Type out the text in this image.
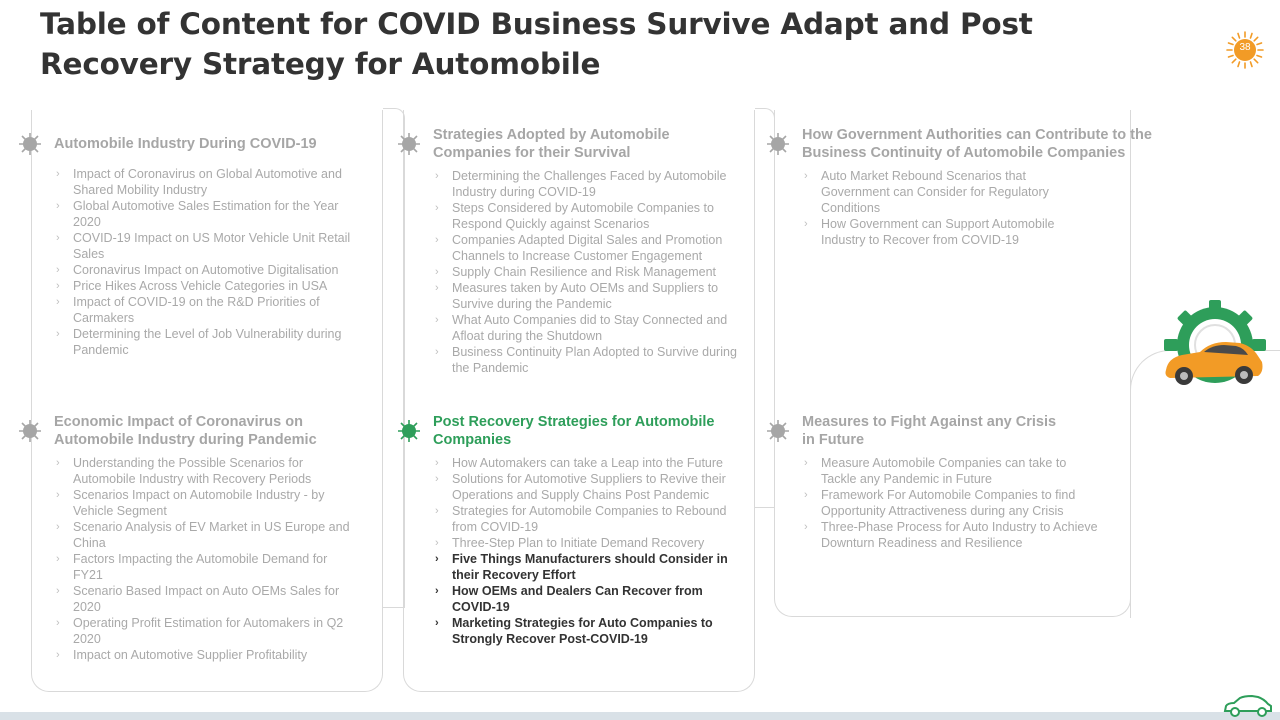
Table of Content for COVID Business Survive Adapt and Post Recovery Strategy for Automobile	38
Automobile Industry During COVID-19
› Impact of Coronavirus on Global Automotive and Shared Mobility Industry
› Global Automotive Sales Estimation for the Year 2020
› COVID-19 Impact on US Motor Vehicle Unit Retail Sales
› Coronavirus Impact on Automotive Digitalisation
› Price Hikes Across Vehicle Categories in USA
› Impact of COVID-19 on the R&D Priorities of Carmakers
› Determining the Level of Job Vulnerability during Pandemic
Strategies Adopted by Automobile Companies for their Survival
› Determining the Challenges Faced by Automobile Industry during COVID-19
› Steps Considered by Automobile Companies to Respond Quickly against Scenarios
› Companies Adapted Digital Sales and Promotion Channels to Increase Customer Engagement
› Supply Chain Resilience and Risk Management
› Measures taken by Auto OEMs and Suppliers to Survive during the Pandemic
› What Auto Companies did to Stay Connected and Afloat during the Shutdown
› Business Continuity Plan Adopted to Survive during the Pandemic
How Government Authorities can Contribute to the Business Continuity of Automobile Companies
› Auto Market Rebound Scenarios that Government can Consider for Regulatory Conditions
› How Government can Support Automobile Industry to Recover from COVID-19
Economic Impact of Coronavirus on Automobile Industry during Pandemic
› Understanding the Possible Scenarios for Automobile Industry with Recovery Periods
› Scenarios Impact on Automobile Industry - by Vehicle Segment
› Scenario Analysis of EV Market in US Europe and China
› Factors Impacting the Automobile Demand for FY21
› Scenario Based Impact on Auto OEMs Sales for 2020
› Operating Profit Estimation for Automakers in Q2 2020
› Impact on Automotive Supplier Profitability
Post Recovery Strategies for Automobile Companies
› How Automakers can take a Leap into the Future
› Solutions for Automotive Suppliers to Revive their Operations and Supply Chains Post Pandemic
› Strategies for Automobile Companies to Rebound from COVID-19
› Three-Step Plan to Initiate Demand Recovery
› Five Things Manufacturers should Consider in their Recovery Effort
› How OEMs and Dealers Can Recover from COVID-19
› Marketing Strategies for Auto Companies to Strongly Recover Post-COVID-19
Measures to Fight Against any Crisis in Future
› Measure Automobile Companies can take to Tackle any Pandemic in Future
› Framework For Automobile Companies to find Opportunity Attractiveness during any Crisis
› Three-Phase Process for Auto Industry to Achieve Downturn Readiness and Resilience
